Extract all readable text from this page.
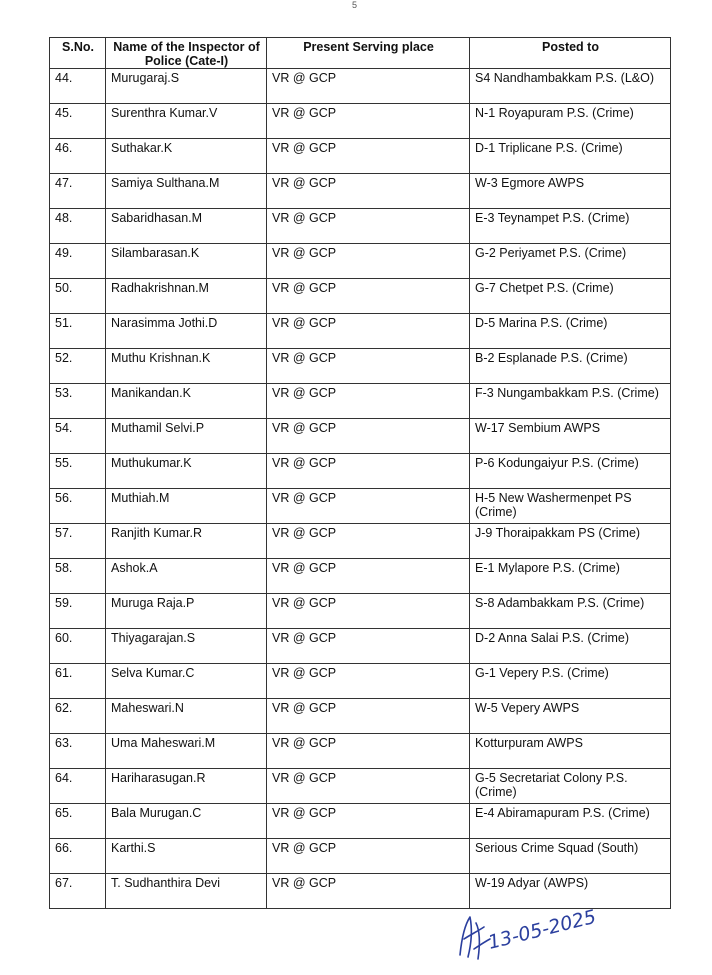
5
S.No.	Name of the Inspector of Police (Cate-I)	Present Serving place	Posted to
44.	Murugaraj.S	VR @ GCP	S4 Nandhambakkam P.S. (L&O)
45.	Surenthra Kumar.V	VR @ GCP	N-1 Royapuram P.S. (Crime)
46.	Suthakar.K	VR @ GCP	D-1 Triplicane P.S. (Crime)
47.	Samiya Sulthana.M	VR @ GCP	W-3 Egmore AWPS
48.	Sabaridhasan.M	VR @ GCP	E-3 Teynampet P.S. (Crime)
49.	Silambarasan.K	VR @ GCP	G-2 Periyamet P.S. (Crime)
50.	Radhakrishnan.M	VR @ GCP	G-7 Chetpet P.S. (Crime)
51.	Narasimma Jothi.D	VR @ GCP	D-5 Marina P.S. (Crime)
52.	Muthu Krishnan.K	VR @ GCP	B-2 Esplanade P.S. (Crime)
53.	Manikandan.K	VR @ GCP	F-3 Nungambakkam P.S. (Crime)
54.	Muthamil Selvi.P	VR @ GCP	W-17 Sembium AWPS
55.	Muthukumar.K	VR @ GCP	P-6 Kodungaiyur P.S. (Crime)
56.	Muthiah.M	VR @ GCP	H-5 New Washermenpet PS (Crime)
57.	Ranjith Kumar.R	VR @ GCP	J-9 Thoraipakkam PS (Crime)
58.	Ashok.A	VR @ GCP	E-1 Mylapore P.S. (Crime)
59.	Muruga Raja.P	VR @ GCP	S-8 Adambakkam P.S. (Crime)
60.	Thiyagarajan.S	VR @ GCP	D-2 Anna Salai P.S. (Crime)
61.	Selva Kumar.C	VR @ GCP	G-1 Vepery P.S. (Crime)
62.	Maheswari.N	VR @ GCP	W-5 Vepery AWPS
63.	Uma Maheswari.M	VR @ GCP	Kotturpuram AWPS
64.	Hariharasugan.R	VR @ GCP	G-5 Secretariat Colony P.S. (Crime)
65.	Bala Murugan.C	VR @ GCP	E-4 Abiramapuram P.S. (Crime)
66.	Karthi.S	VR @ GCP	Serious Crime Squad (South)
67.	T. Sudhanthira Devi	VR @ GCP	W-19 Adyar (AWPS)
13-05-2025
